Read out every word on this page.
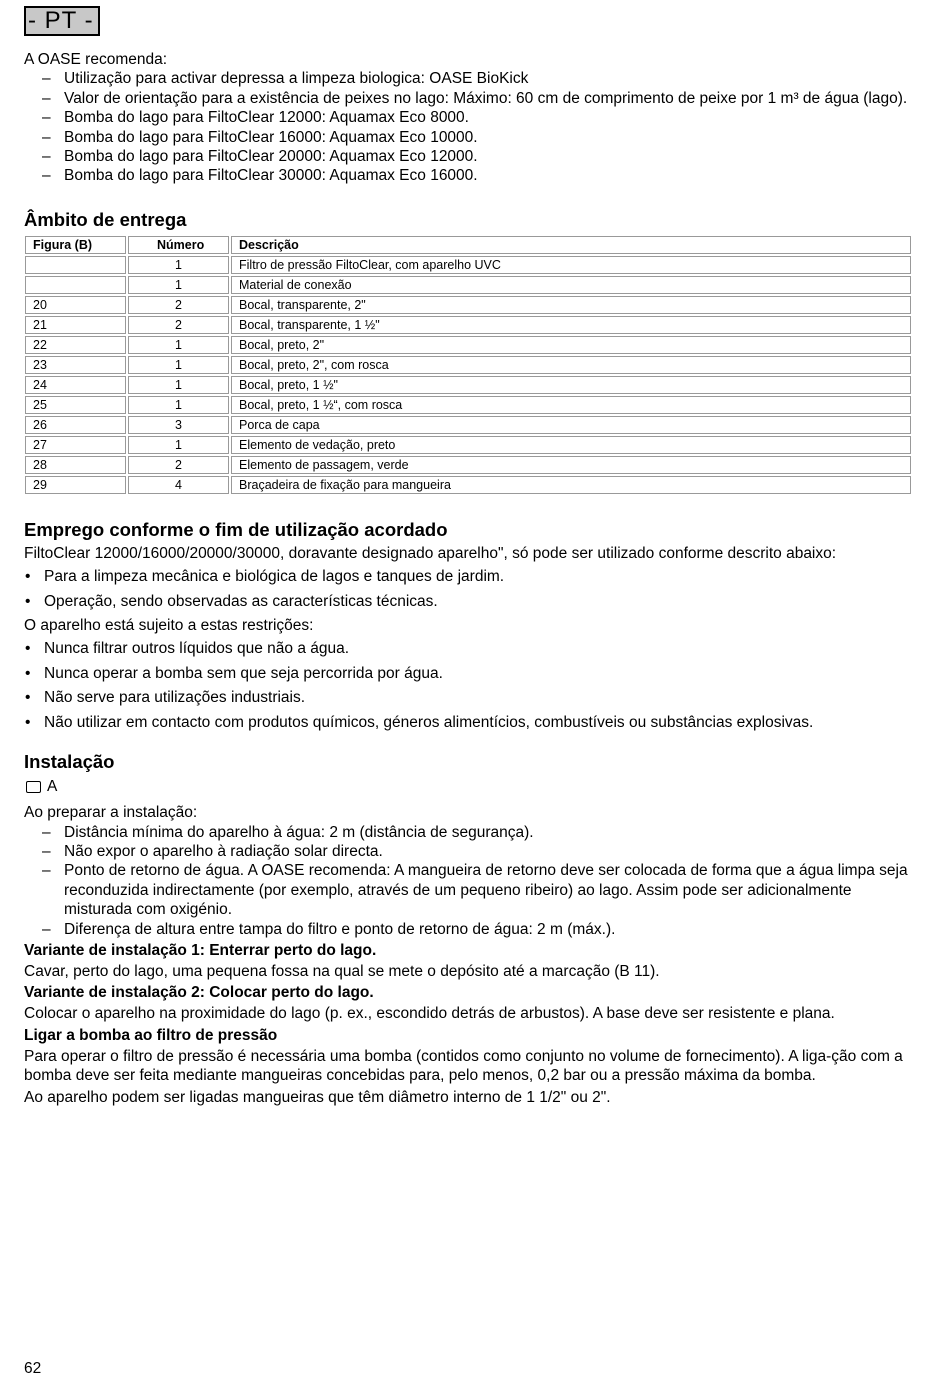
- PT -

A OASE recomenda:

– Utilização para activar depressa a limpeza biologica: OASE BioKick
– Valor de orientação para a existência de peixes no lago: Máximo: 60 cm de comprimento de peixe por 1 m³ de água (lago).
– Bomba do lago para FiltoClear 12000: Aquamax Eco 8000.
– Bomba do lago para FiltoClear 16000: Aquamax Eco 10000.
– Bomba do lago para FiltoClear 20000: Aquamax Eco 12000.
– Bomba do lago para FiltoClear 30000: Aquamax Eco 16000.
Âmbito de entrega
Figura (B)	Número	Descrição
	1	Filtro de pressão FiltoClear, com aparelho UVC
	1	Material de conexão
20	2	Bocal, transparente, 2"
21	2	Bocal, transparente, 1 ½"
22	1	Bocal, preto, 2"
23	1	Bocal, preto, 2", com rosca
24	1	Bocal, preto, 1 ½"
25	1	Bocal, preto, 1 ½“, com rosca
26	3	Porca de capa
27	1	Elemento de vedação, preto
28	2	Elemento de passagem, verde
29	4	Braçadeira de fixação para mangueira
Emprego conforme o fim de utilização acordado

FiltoClear 12000/16000/20000/30000, doravante designado aparelho", só pode ser utilizado conforme descrito abaixo:

• Para a limpeza mecânica e biológica de lagos e tanques de jardim.
• Operação, sendo observadas as características técnicas.

O aparelho está sujeito a estas restrições:

• Nunca filtrar outros líquidos que não a água.
• Nunca operar a bomba sem que seja percorrida por água.
• Não serve para utilizações industriais.
• Não utilizar em contacto com produtos químicos, géneros alimentícios, combustíveis ou substâncias explosivas.
Instalação
A

Ao preparar a instalação:

– Distância mínima do aparelho à água: 2 m (distância de segurança).
– Não expor o aparelho à radiação solar directa.
– Ponto de retorno de água. A OASE recomenda: A mangueira de retorno deve ser colocada de forma que a água limpa seja reconduzida indirectamente (por exemplo, através de um pequeno ribeiro) ao lago. Assim pode ser adicionalmente misturada com oxigénio.
– Diferença de altura entre tampa do filtro e ponto de retorno de água: 2 m (máx.).
Variante de instalação 1: Enterrar perto do lago.

Cavar, perto do lago, uma pequena fossa na qual se mete o depósito até a marcação (B 11).

Variante de instalação 2: Colocar perto do lago.

Colocar o aparelho na proximidade do lago (p. ex., escondido detrás de arbustos). A base deve ser resistente e plana.

Ligar a bomba ao filtro de pressão

Para operar o filtro de pressão é necessária uma bomba (contidos como conjunto no volume de fornecimento). A liga-ção com a bomba deve ser feita mediante mangueiras concebidas para, pelo menos, 0,2 bar ou a pressão máxima da bomba.

Ao aparelho podem ser ligadas mangueiras que têm diâmetro interno de 1 1/2" ou 2".

62
